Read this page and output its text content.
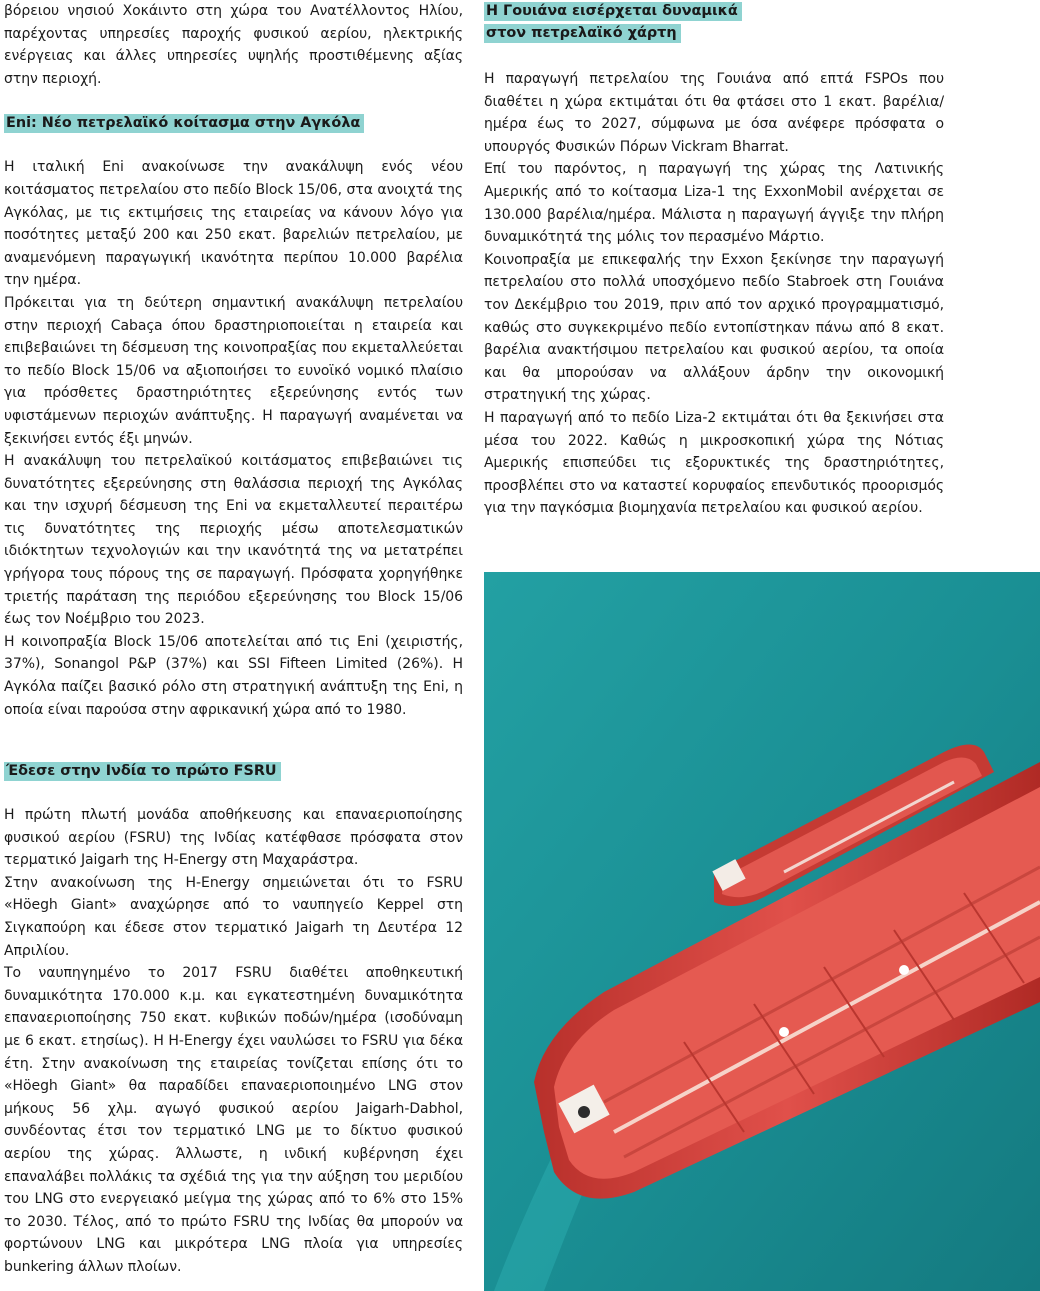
βόρειου νησιού Χοκάιντο στη χώρα του Ανατέλλοντος Ηλίου, παρέχοντας υπηρεσίες παροχής φυσικού αερίου, ηλεκτρικής ενέργειας και άλλες υπηρεσίες υψηλής προστιθέμενης αξίας στην περιοχή.

Eni: Νέο πετρελαϊκό κοίτασμα στην Αγκόλα

Η ιταλική Eni ανακοίνωσε την ανακάλυψη ενός νέου κοιτάσματος πετρελαίου στο πεδίο Block 15/06, στα ανοιχτά της Αγκόλας, με τις εκτιμήσεις της εταιρείας να κάνουν λόγο για ποσότητες μεταξύ 200 και 250 εκατ. βαρελιών πετρελαίου, με αναμενόμενη παραγωγική ικανότητα περίπου 10.000 βαρέλια την ημέρα.

Πρόκειται για τη δεύτερη σημαντική ανακάλυψη πετρελαίου στην περιοχή Cabaça όπου δραστηριοποιείται η εταιρεία και επιβεβαιώνει τη δέσμευση της κοινοπραξίας που εκμεταλλεύεται το πεδίο Block 15/06 να αξιοποιήσει το ευνοϊκό νομικό πλαίσιο για πρόσθετες δραστηριότητες εξερεύνησης εντός των υφιστάμενων περιοχών ανάπτυξης. Η παραγωγή αναμένεται να ξεκινήσει εντός έξι μηνών.

Η ανακάλυψη του πετρελαϊκού κοιτάσματος επιβεβαιώνει τις δυνατότητες εξερεύνησης στη θαλάσσια περιοχή της Αγκόλας και την ισχυρή δέσμευση της Eni να εκμεταλλευτεί περαιτέρω τις δυνατότητες της περιοχής μέσω αποτελεσματικών ιδιόκτητων τεχνολογιών και την ικανότητά της να μετατρέπει γρήγορα τους πόρους της σε παραγωγή. Πρόσφατα χορηγήθηκε τριετής παράταση της περιόδου εξερεύνησης του Block 15/06 έως τον Νοέμβριο του 2023.

Η κοινοπραξία Block 15/06 αποτελείται από τις Eni (χειριστής, 37%), Sonangol P&P (37%) και SSI Fifteen Limited (26%). Η Αγκόλα παίζει βασικό ρόλο στη στρατηγική ανάπτυξη της Eni, η οποία είναι παρούσα στην αφρικανική χώρα από το 1980.

Έδεσε στην Ινδία το πρώτο FSRU

Η πρώτη πλωτή μονάδα αποθήκευσης και επαναεριοποίησης φυσικού αερίου (FSRU) της Ινδίας κατέφθασε πρόσφατα στον τερματικό Jaigarh της H-Energy στη Μαχαράστρα.

Στην ανακοίνωση της H-Energy σημειώνεται ότι το FSRU «Höegh Giant» αναχώρησε από το ναυπηγείο Keppel στη Σιγκαπούρη και έδεσε στον τερματικό Jaigarh τη Δευτέρα 12 Απριλίου.

Το ναυπηγημένο το 2017 FSRU διαθέτει αποθηκευτική δυναμικότητα 170.000 κ.μ. και εγκατεστημένη δυναμικότητα επαναεριοποίησης 750 εκατ. κυβικών ποδών/ημέρα (ισοδύναμη με 6 εκατ. ετησίως). Η H-Energy έχει ναυλώσει το FSRU για δέκα έτη. Στην ανακοίνωση της εταιρείας τονίζεται επίσης ότι το «Höegh Giant» θα παραδίδει επαναεριοποιημένο LNG στον μήκους 56 χλμ. αγωγό φυσικού αερίου Jaigarh-Dabhol, συνδέοντας έτσι τον τερματικό LNG με το δίκτυο φυσικού αερίου της χώρας. Άλλωστε, η ινδική κυβέρνηση έχει επαναλάβει πολλάκις τα σχέδιά της για την αύξηση του μεριδίου του LNG στο ενεργειακό μείγμα της χώρας από το 6% στο 15% το 2030. Τέλος, από το πρώτο FSRU της Ινδίας θα μπορούν να φορτώνουν LNG και μικρότερα LNG πλοία για υπηρεσίες bunkering άλλων πλοίων.

Η Γουιάνα εισέρχεται δυναμικά
στον πετρελαϊκό χάρτη

Η παραγωγή πετρελαίου της Γουιάνα από επτά FSPOs που διαθέτει η χώρα εκτιμάται ότι θα φτάσει στο 1 εκατ. βαρέλια/ημέρα έως το 2027, σύμφωνα με όσα ανέφερε πρόσφατα ο υπουργός Φυσικών Πόρων Vickram Bharrat.

Επί του παρόντος, η παραγωγή της χώρας της Λατινικής Αμερικής από το κοίτασμα Liza-1 της ExxonMobil ανέρχεται σε 130.000 βαρέλια/ημέρα. Μάλιστα η παραγωγή άγγιξε την πλήρη δυναμικότητά της μόλις τον περασμένο Μάρτιο.

Κοινοπραξία με επικεφαλής την Exxon ξεκίνησε την παραγωγή πετρελαίου στο πολλά υποσχόμενο πεδίο Stabroek στη Γουιάνα τον Δεκέμβριο του 2019, πριν από τον αρχικό προγραμματισμό, καθώς στο συγκεκριμένο πεδίο εντοπίστηκαν πάνω από 8 εκατ. βαρέλια ανακτήσιμου πετρελαίου και φυσικού αερίου, τα οποία και θα μπορούσαν να αλλάξουν άρδην την οικονομική στρατηγική της χώρας.

Η παραγωγή από το πεδίο Liza-2 εκτιμάται ότι θα ξεκινήσει στα μέσα του 2022. Καθώς η μικροσκοπική χώρα της Νότιας Αμερικής επισπεύδει τις εξορυκτικές της δραστηριότητες, προσβλέπει στο να καταστεί κορυφαίος επενδυτικός προορισμός για την παγκόσμια βιομηχανία πετρελαίου και φυσικού αερίου.
